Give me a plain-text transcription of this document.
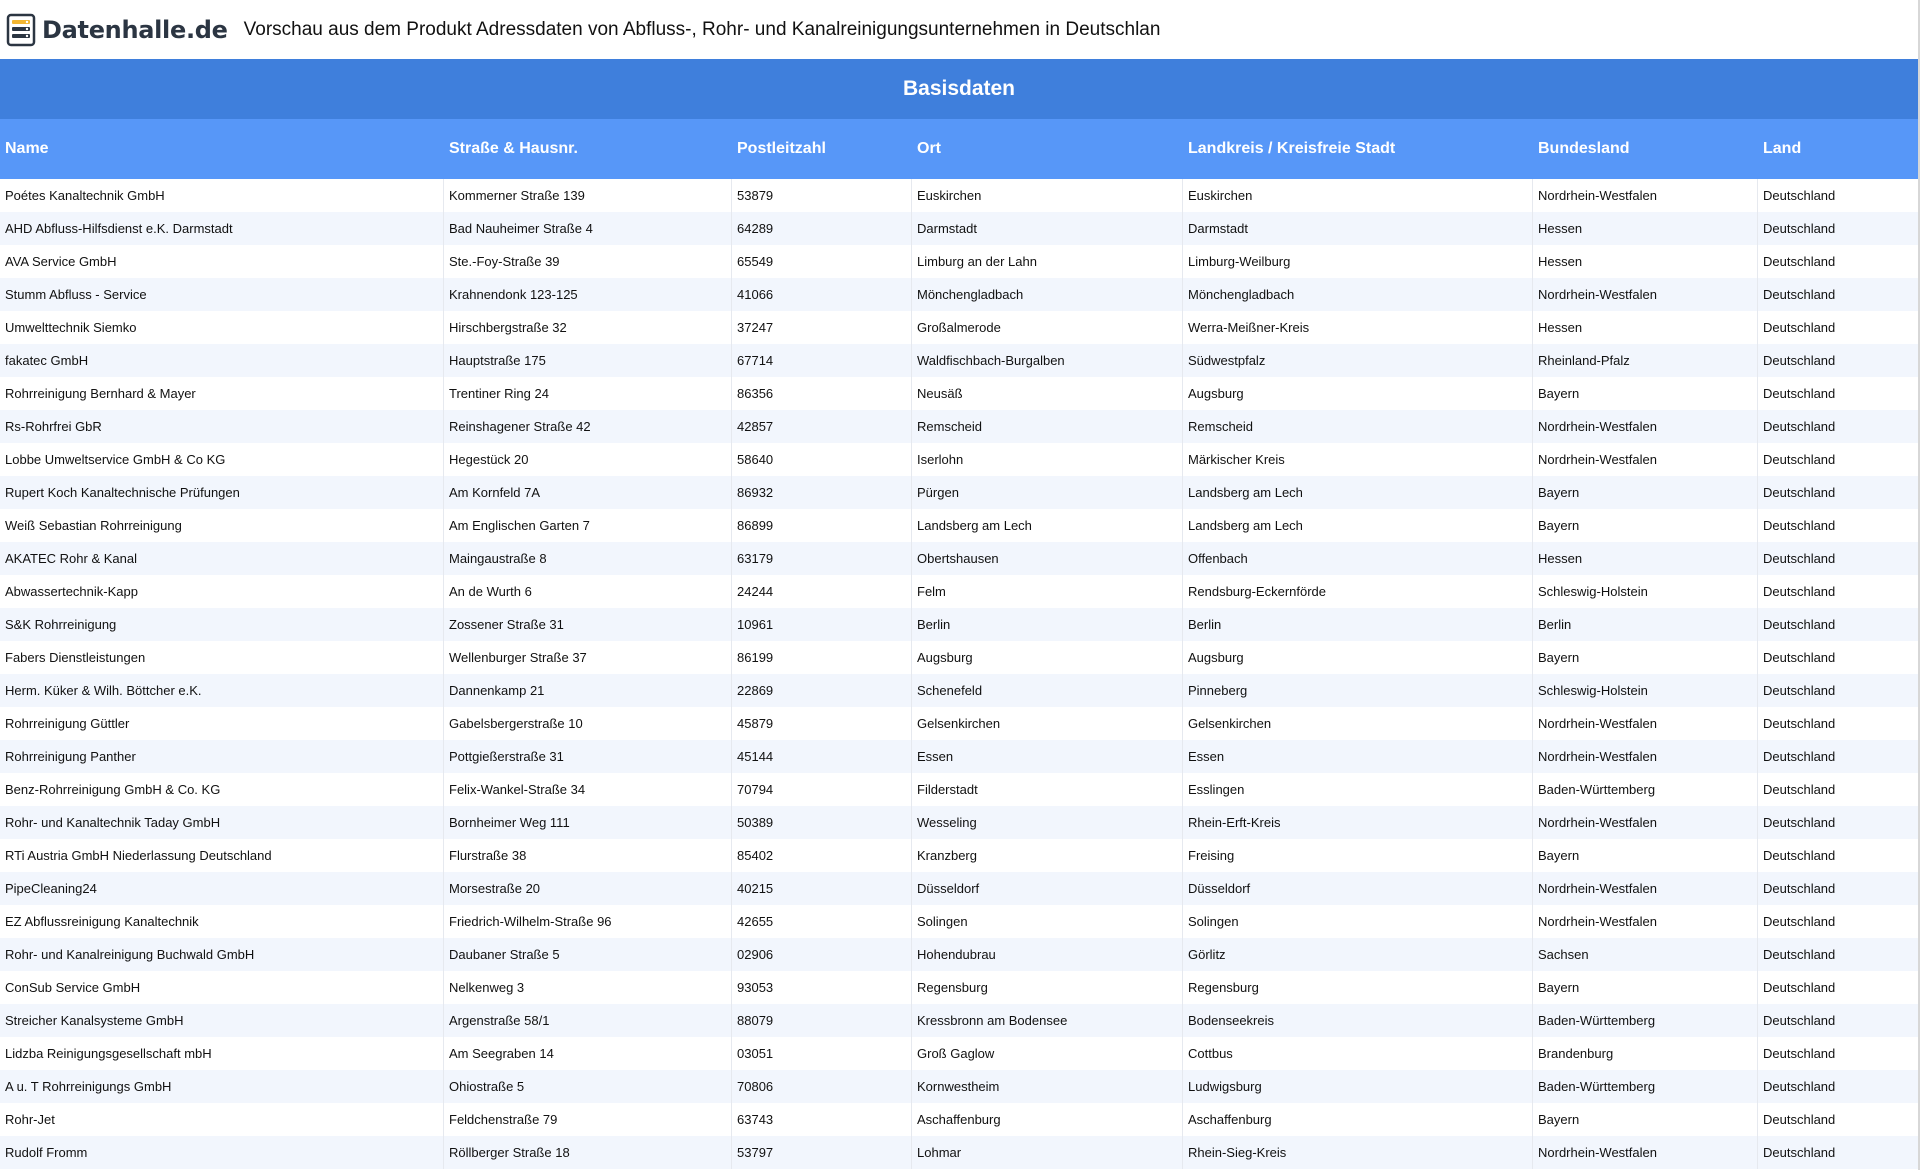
Datenhalle.de Vorschau aus dem Produkt Adressdaten von Abfluss-, Rohr- und Kanalreinigungsunternehmen in Deutschlan
Basisdaten
Name	Straße & Hausnr.	Postleitzahl	Ort	Landkreis / Kreisfreie Stadt	Bundesland	Land
Poétes Kanaltechnik GmbH	Kommerner Straße 139	53879	Euskirchen	Euskirchen	Nordrhein-Westfalen	Deutschland
AHD Abfluss-Hilfsdienst e.K. Darmstadt	Bad Nauheimer Straße 4	64289	Darmstadt	Darmstadt	Hessen	Deutschland
AVA Service GmbH	Ste.-Foy-Straße 39	65549	Limburg an der Lahn	Limburg-Weilburg	Hessen	Deutschland
Stumm Abfluss - Service	Krahnendonk 123-125	41066	Mönchengladbach	Mönchengladbach	Nordrhein-Westfalen	Deutschland
Umwelttechnik Siemko	Hirschbergstraße 32	37247	Großalmerode	Werra-Meißner-Kreis	Hessen	Deutschland
fakatec GmbH	Hauptstraße 175	67714	Waldfischbach-Burgalben	Südwestpfalz	Rheinland-Pfalz	Deutschland
Rohrreinigung Bernhard & Mayer	Trentiner Ring 24	86356	Neusäß	Augsburg	Bayern	Deutschland
Rs-Rohrfrei GbR	Reinshagener Straße 42	42857	Remscheid	Remscheid	Nordrhein-Westfalen	Deutschland
Lobbe Umweltservice GmbH & Co KG	Hegestück 20	58640	Iserlohn	Märkischer Kreis	Nordrhein-Westfalen	Deutschland
Rupert Koch Kanaltechnische Prüfungen	Am Kornfeld 7A	86932	Pürgen	Landsberg am Lech	Bayern	Deutschland
Weiß Sebastian Rohrreinigung	Am Englischen Garten 7	86899	Landsberg am Lech	Landsberg am Lech	Bayern	Deutschland
AKATEC Rohr & Kanal	Maingaustraße 8	63179	Obertshausen	Offenbach	Hessen	Deutschland
Abwassertechnik-Kapp	An de Wurth 6	24244	Felm	Rendsburg-Eckernförde	Schleswig-Holstein	Deutschland
S&K Rohrreinigung	Zossener Straße 31	10961	Berlin	Berlin	Berlin	Deutschland
Fabers Dienstleistungen	Wellenburger Straße 37	86199	Augsburg	Augsburg	Bayern	Deutschland
Herm. Küker & Wilh. Böttcher e.K.	Dannenkamp 21	22869	Schenefeld	Pinneberg	Schleswig-Holstein	Deutschland
Rohrreinigung Güttler	Gabelsbergerstraße 10	45879	Gelsenkirchen	Gelsenkirchen	Nordrhein-Westfalen	Deutschland
Rohrreinigung Panther	Pottgießerstraße 31	45144	Essen	Essen	Nordrhein-Westfalen	Deutschland
Benz-Rohrreinigung GmbH & Co. KG	Felix-Wankel-Straße 34	70794	Filderstadt	Esslingen	Baden-Württemberg	Deutschland
Rohr- und Kanaltechnik Taday GmbH	Bornheimer Weg 111	50389	Wesseling	Rhein-Erft-Kreis	Nordrhein-Westfalen	Deutschland
RTi Austria GmbH Niederlassung Deutschland	Flurstraße 38	85402	Kranzberg	Freising	Bayern	Deutschland
PipeCleaning24	Morsestraße 20	40215	Düsseldorf	Düsseldorf	Nordrhein-Westfalen	Deutschland
EZ Abflussreinigung Kanaltechnik	Friedrich-Wilhelm-Straße 96	42655	Solingen	Solingen	Nordrhein-Westfalen	Deutschland
Rohr- und Kanalreinigung Buchwald GmbH	Daubaner Straße 5	02906	Hohendubrau	Görlitz	Sachsen	Deutschland
ConSub Service GmbH	Nelkenweg 3	93053	Regensburg	Regensburg	Bayern	Deutschland
Streicher Kanalsysteme GmbH	Argenstraße 58/1	88079	Kressbronn am Bodensee	Bodenseekreis	Baden-Württemberg	Deutschland
Lidzba Reinigungsgesellschaft mbH	Am Seegraben 14	03051	Groß Gaglow	Cottbus	Brandenburg	Deutschland
A u. T Rohrreinigungs GmbH	Ohiostraße 5	70806	Kornwestheim	Ludwigsburg	Baden-Württemberg	Deutschland
Rohr-Jet	Feldchenstraße 79	63743	Aschaffenburg	Aschaffenburg	Bayern	Deutschland
Rudolf Fromm	Röllberger Straße 18	53797	Lohmar	Rhein-Sieg-Kreis	Nordrhein-Westfalen	Deutschland
